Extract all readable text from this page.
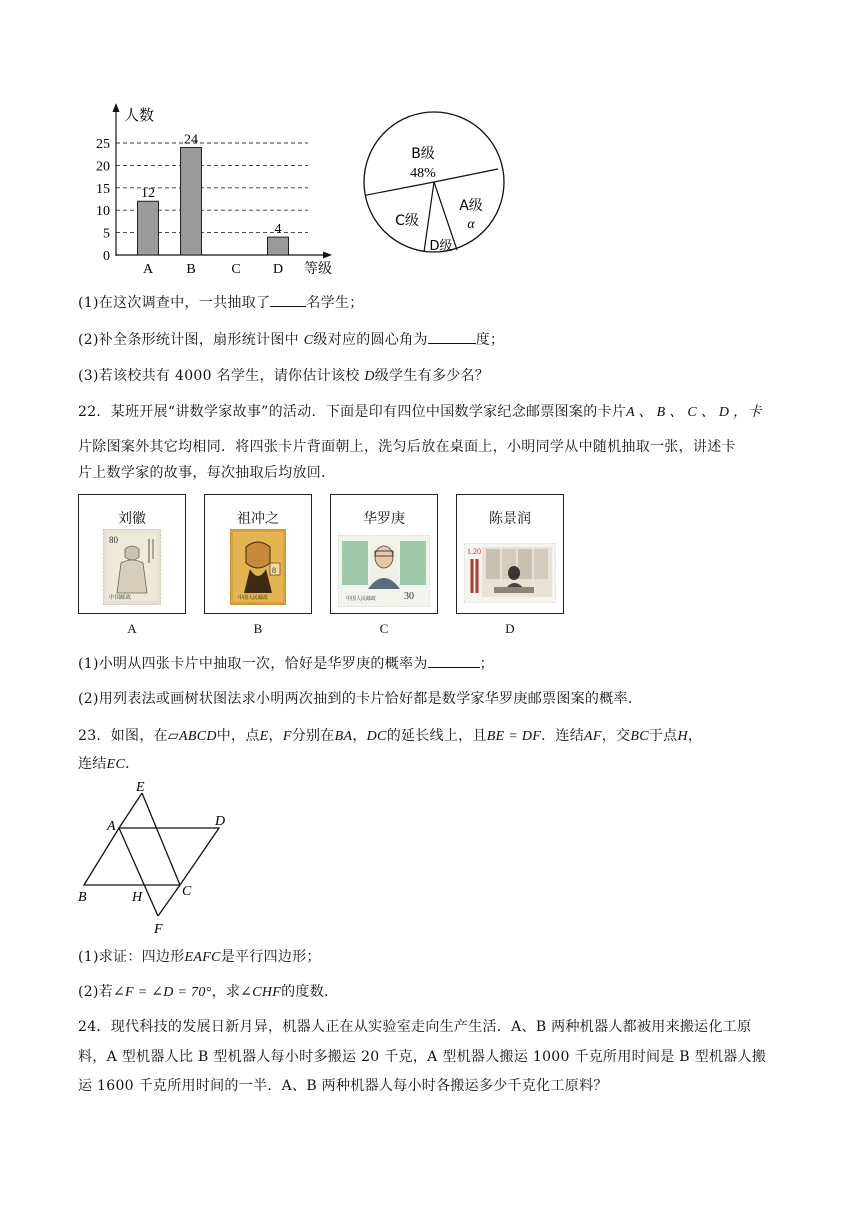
0
5
10
15
20
25
12
24
4
A B	C D
人数
等级
B级
48%
A级
α
D级
C级
(1)在这次调查中，一共抽取了	名学生；
(2)补全条形统计图，扇形统计图中 C级对应的圆心角为	度；
(3)若该校共有 4000 名学生，请你估计该校 D级学生有多少名？
22．某班开展“讲数学家故事”的活动．下面是印有四位中国数学家纪念邮票图案的卡片A 、 B 、 C 、 D ，卡
片除图案外其它均相同．将四张卡片背面朝上，洗匀后放在桌面上，小明同学从中随机抽取一张，讲述卡
片上数学家的故事，每次抽取后均放回．
刘徽
80
中国邮政
A
祖冲之
8
中国人民邮政
B
华罗庚
30
中国人民邮政
C
陈景润
1.20
D
(1)小明从四张卡片中抽取一次，恰好是华罗庚的概率为	；
(2)用列表法或画树状图法求小明两次抽到的卡片恰好都是数学家华罗庚邮票图案的概率．
23．如图，在▱ABCD中，点E，F分别在BA，DC的延长线上，且BE = DF．连结AF，交BC于点H，
连结EC．
E
A	D
B	H	C
F
(1)求证：四边形EAFC是平行四边形；
(2)若∠F = ∠D = 70°，求∠CHF的度数．
24．现代科技的发展日新月异，机器人正在从实验室走向生产生活．A、B 两种机器人都被用来搬运化工原
料，A 型机器人比 B 型机器人每小时多搬运 20 千克，A 型机器人搬运 1000 千克所用时间是 B 型机器人搬
运 1600 千克所用时间的一半．A、B 两种机器人每小时各搬运多少千克化工原料？
